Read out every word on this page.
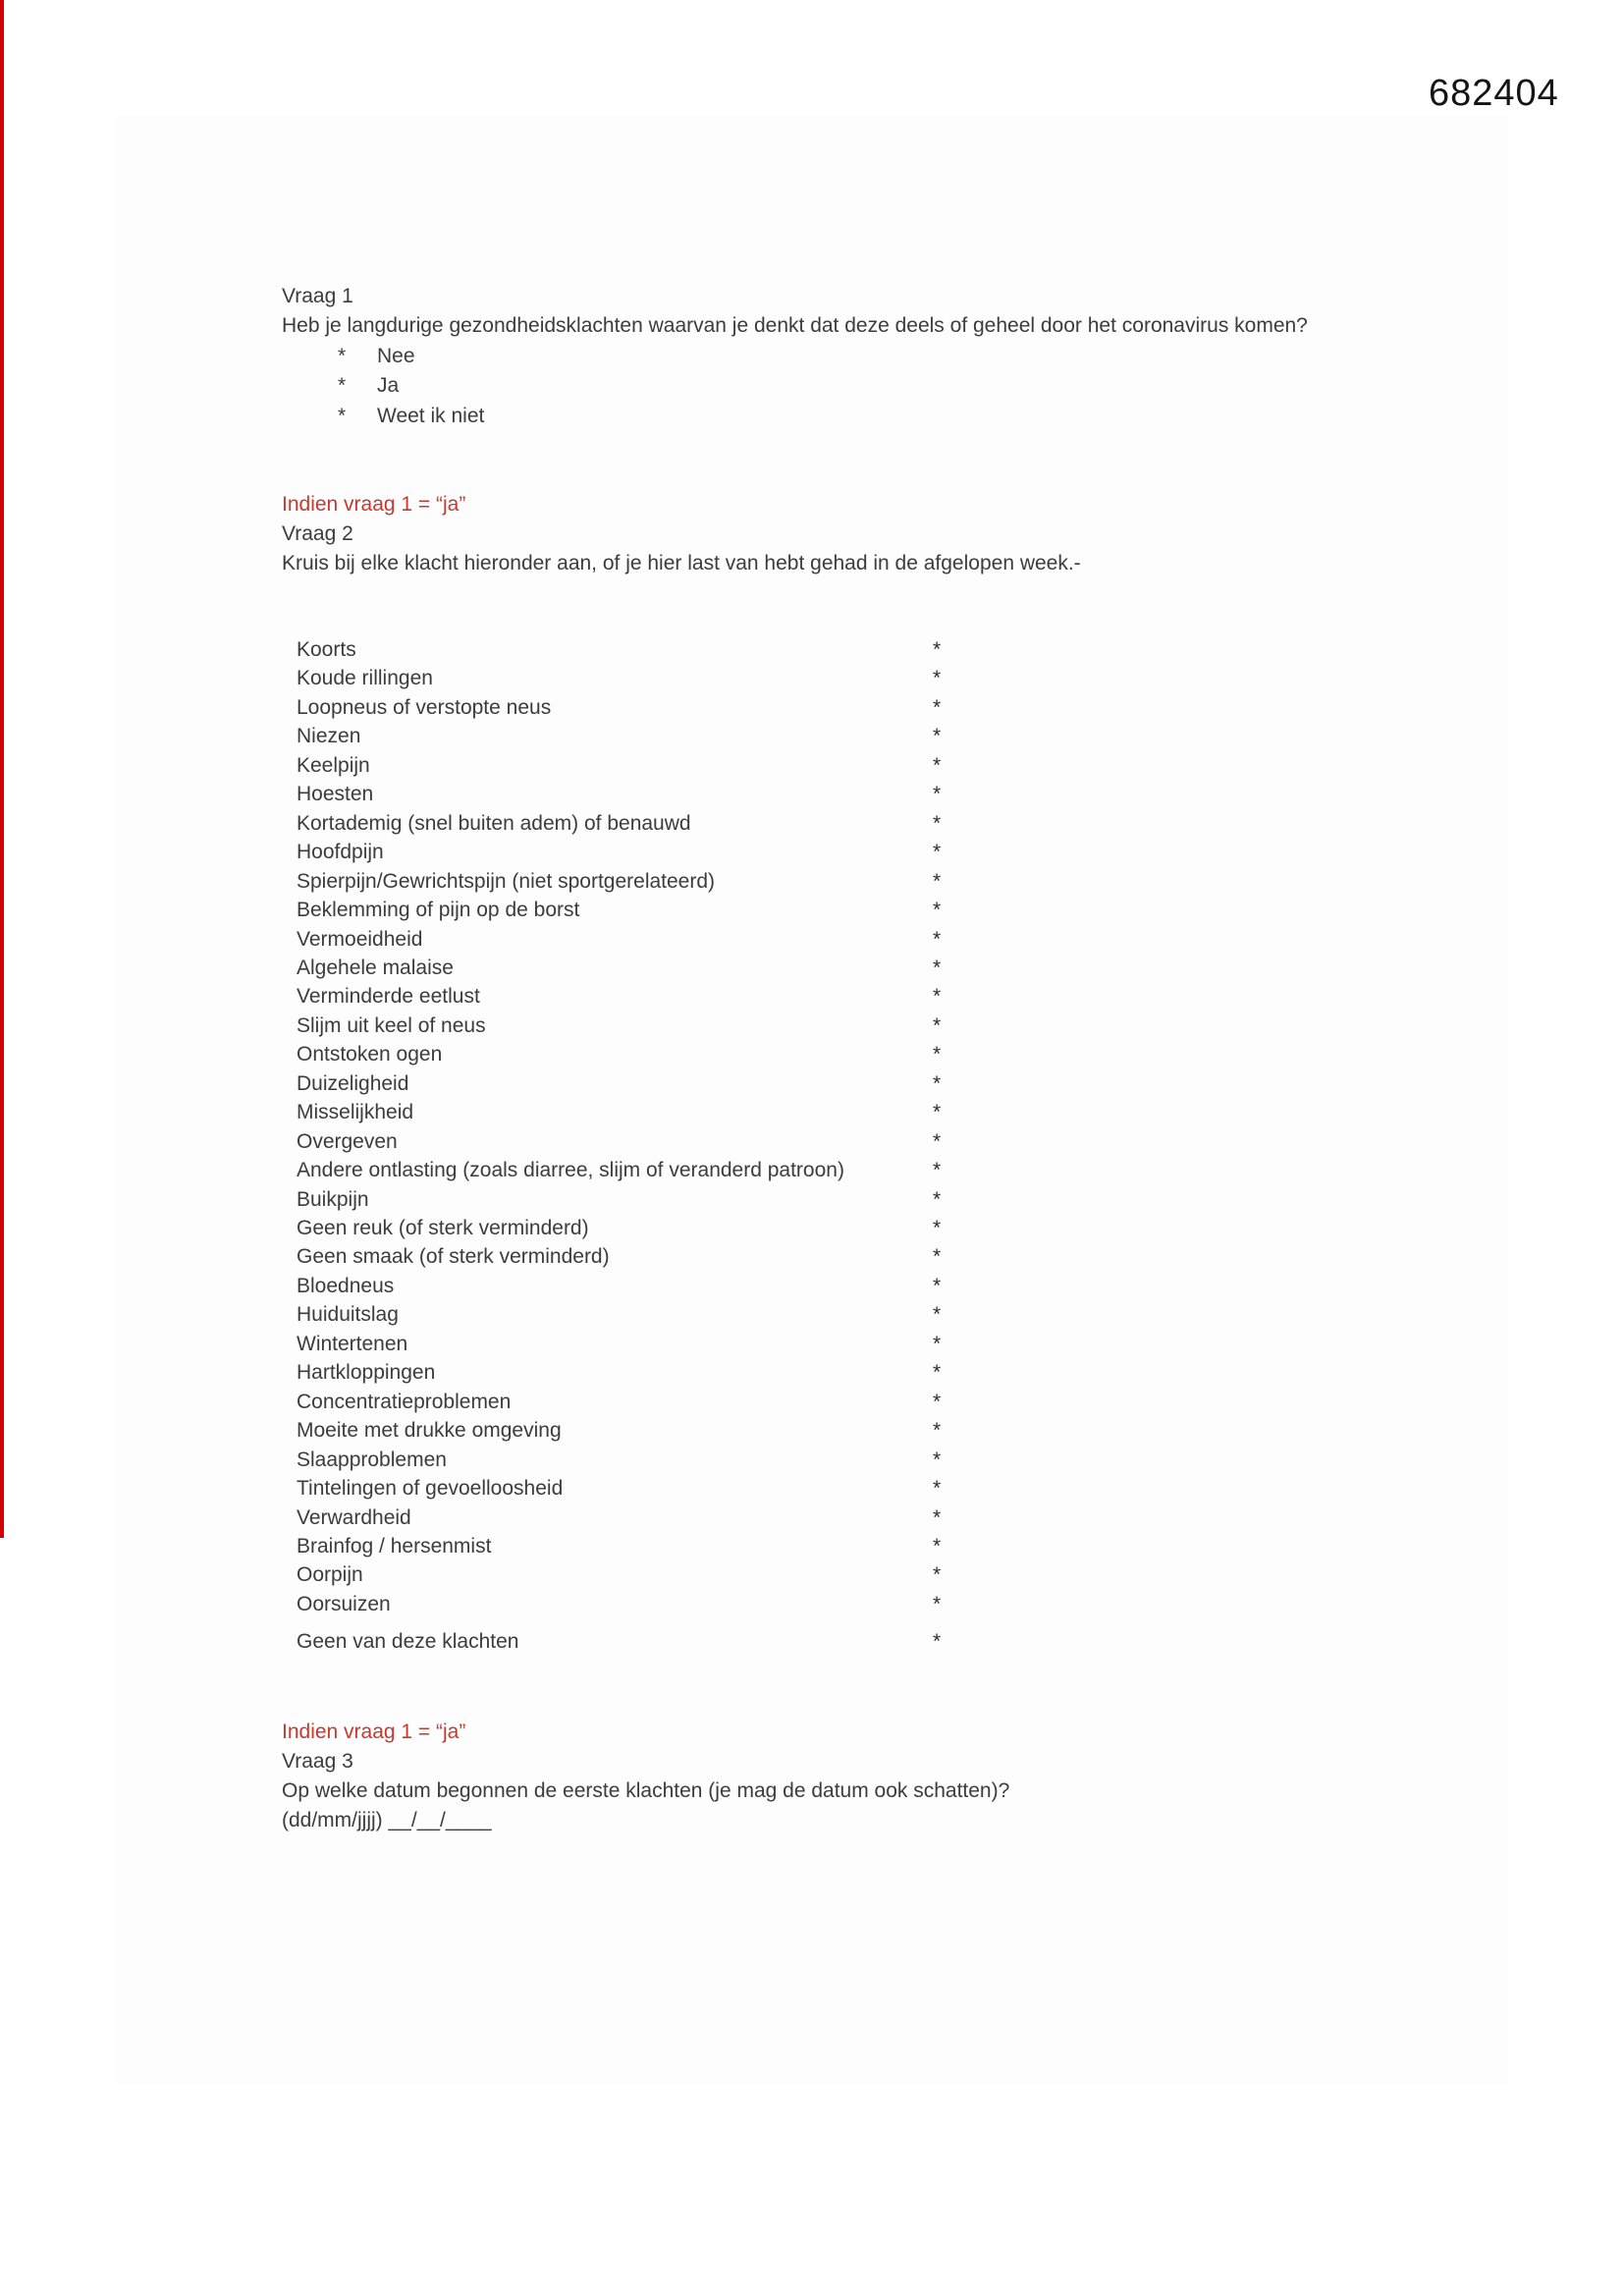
682404
Vraag 1
Heb je langdurige gezondheidsklachten waarvan je denkt dat deze deels of geheel door het coronavirus komen?
* Nee
* Ja
* Weet ik niet
Indien vraag 1 = “ja”
Vraag 2
Kruis bij elke klacht hieronder aan, of je hier last van hebt gehad in de afgelopen week.-
Koorts	*
Koude rillingen	*
Loopneus of verstopte neus	*
Niezen	*
Keelpijn	*
Hoesten	*
Kortademig (snel buiten adem) of benauwd	*
Hoofdpijn	*
Spierpijn/Gewrichtspijn (niet sportgerelateerd)	*
Beklemming of pijn op de borst	*
Vermoeidheid	*
Algehele malaise	*
Verminderde eetlust	*
Slijm uit keel of neus	*
Ontstoken ogen	*
Duizeligheid	*
Misselijkheid	*
Overgeven	*
Andere ontlasting (zoals diarree, slijm of veranderd patroon)	*
Buikpijn	*
Geen reuk (of sterk verminderd)	*
Geen smaak (of sterk verminderd)	*
Bloedneus	*
Huiduitslag	*
Wintertenen	*
Hartkloppingen	*
Concentratieproblemen	*
Moeite met drukke omgeving	*
Slaapproblemen	*
Tintelingen of gevoelloosheid	*
Verwardheid	*
Brainfog / hersenmist	*
Oorpijn	*
Oorsuizen	*
Geen van deze klachten	*
Indien vraag 1 = “ja”
Vraag 3
Op welke datum begonnen de eerste klachten (je mag de datum ook schatten)?
(dd/mm/jjjj) __/__/____
